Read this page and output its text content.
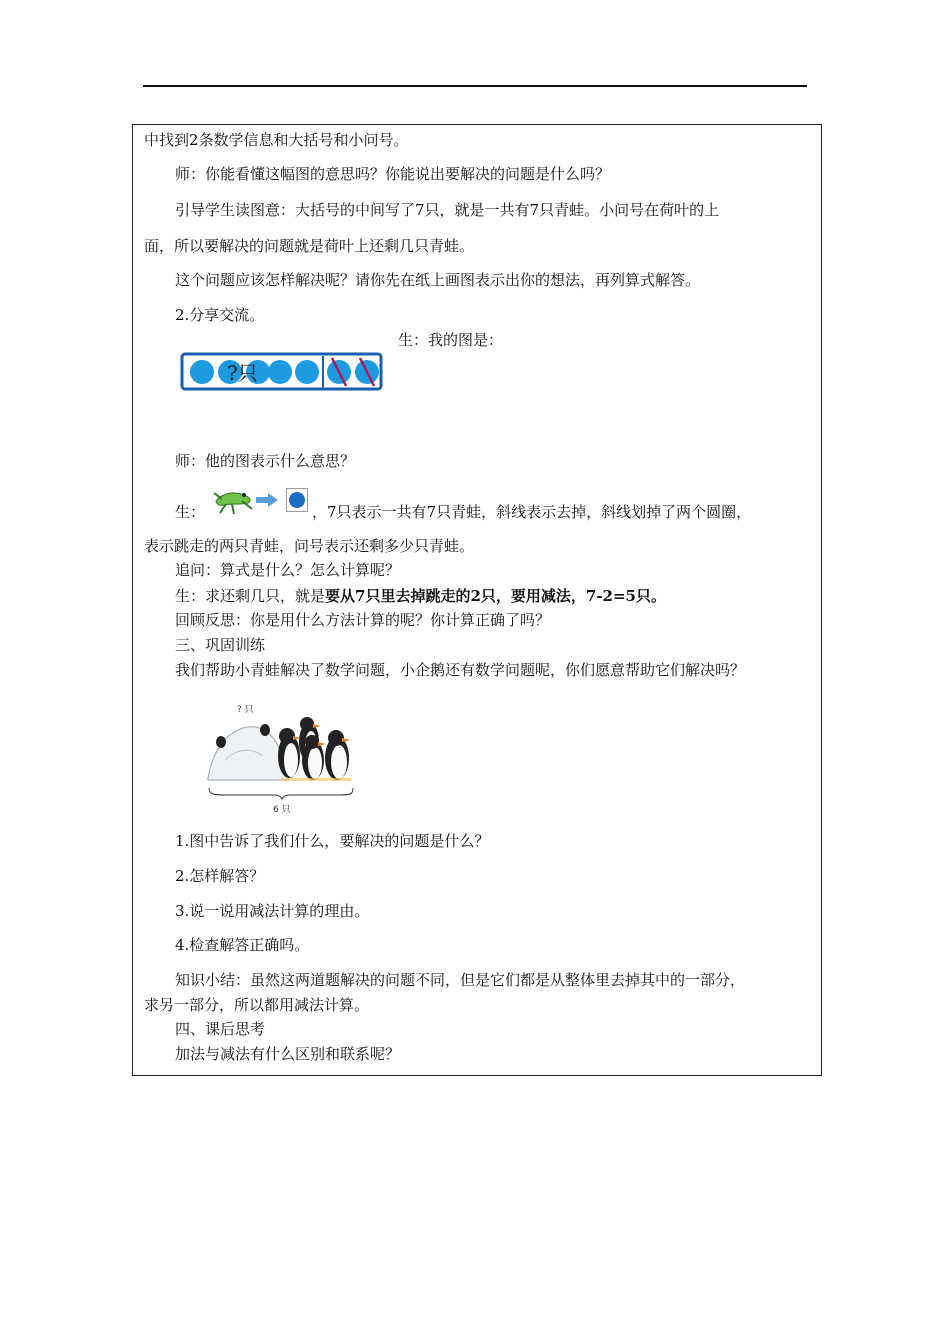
中找到2条数学信息和大括号和小问号。
师：你能看懂这幅图的意思吗？你能说出要解决的问题是什么吗？
引导学生读图意：大括号的中间写了7只，就是一共有7只青蛙。小问号在荷叶的上
面，所以要解决的问题就是荷叶上还剩几只青蛙。
这个问题应该怎样解决呢？请你先在纸上画图表示出你的想法，再列算式解答。
2.分享交流。
生：我的图是：
?只
师：他的图表示什么意思？
生：	，7只表示一共有7只青蛙，斜线表示去掉，斜线划掉了两个圆圈，
表示跳走的两只青蛙，问号表示还剩多少只青蛙。
追问：算式是什么？怎么计算呢？
生：求还剩几只，就是要从7只里去掉跳走的2只，要用减法，7-2=5只。
回顾反思：你是用什么方法计算的呢？你计算正确了吗？
三、巩固训练
我们帮助小青蛙解决了数学问题，小企鹅还有数学问题呢，你们愿意帮助它们解决吗？
? 只
6 只
1.图中告诉了我们什么，要解决的问题是什么？
2.怎样解答？
3.说一说用减法计算的理由。
4.检查解答正确吗。
知识小结：虽然这两道题解决的问题不同，但是它们都是从整体里去掉其中的一部分，
求另一部分，所以都用减法计算。
四、课后思考
加法与减法有什么区别和联系呢？
